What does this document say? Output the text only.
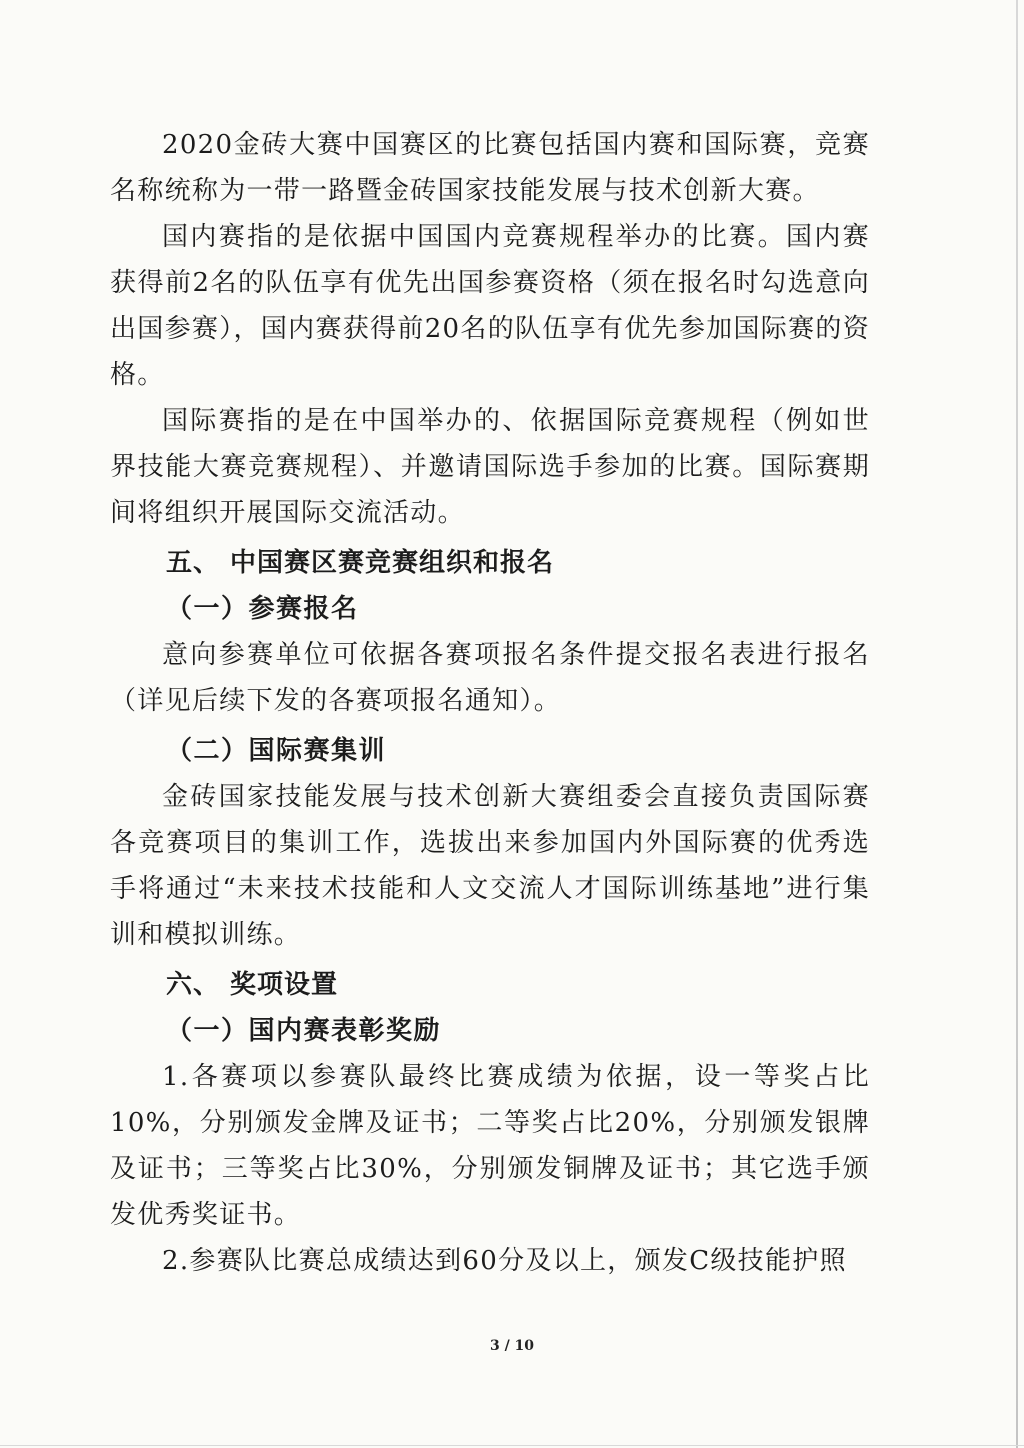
2020金砖大赛中国赛区的比赛包括国内赛和国际赛，竞赛名称统称为一带一路暨金砖国家技能发展与技术创新大赛。

国内赛指的是依据中国国内竞赛规程举办的比赛。国内赛获得前2名的队伍享有优先出国参赛资格（须在报名时勾选意向出国参赛），国内赛获得前20名的队伍享有优先参加国际赛的资格。

国际赛指的是在中国举办的、依据国际竞赛规程（例如世界技能大赛竞赛规程）、并邀请国际选手参加的比赛。国际赛期间将组织开展国际交流活动。

五、 中国赛区赛竞赛组织和报名
（一）参赛报名

意向参赛单位可依据各赛项报名条件提交报名表进行报名（详见后续下发的各赛项报名通知）。

（二）国际赛集训

金砖国家技能发展与技术创新大赛组委会直接负责国际赛各竞赛项目的集训工作，选拔出来参加国内外国际赛的优秀选手将通过“未来技术技能和人文交流人才国际训练基地”进行集训和模拟训练。

六、 奖项设置
（一）国内赛表彰奖励

1.各赛项以参赛队最终比赛成绩为依据，设一等奖占比10%，分别颁发金牌及证书；二等奖占比20%，分别颁发银牌及证书；三等奖占比30%，分别颁发铜牌及证书；其它选手颁发优秀奖证书。

2.参赛队比赛总成绩达到60分及以上，颁发C级技能护照

3 / 10
